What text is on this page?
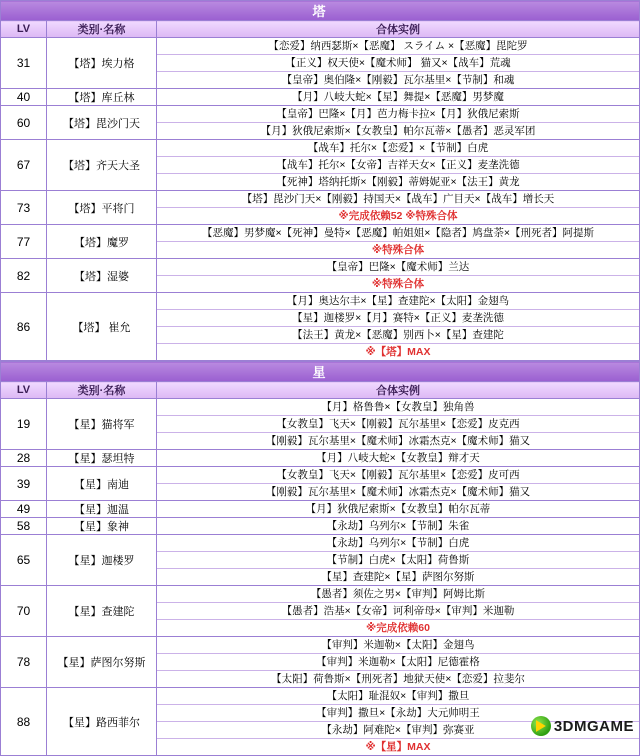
塔		
LV	类别·名称	合体实例
31	【塔】埃力格	【恋爱】纳西瑟斯×【恶魔】 スライム ×【恶魔】毘陀罗
【正义】权天使×【魔术师】 猫又×【战车】荒魂
【皇帝】奥伯隆×【刚毅】瓦尔基里×【节制】和魂

40	【塔】库丘林	【月】八岐大蛇×【星】舞提×【恶魔】男梦魔

60	【塔】毘沙门天	【皇帝】巴隆×【月】芭力梅卡拉×【月】狄俄尼索斯
【月】狄俄尼索斯×【女教皇】帕尔瓦蒂×【愚者】恶灵军团

67	【塔】齐天大圣	【战车】托尔×【恋爱】×【节制】白虎
【战车】托尔×【女帝】吉祥天女×【正义】麦垄洗德
【死神】塔纳托斯×【刚毅】蒂姆妮亚×【法王】黄龙

73	【塔】平将门	【塔】毘沙门天×【刚毅】持国天×【战车】广目天×【战车】增长天
※完成依赖52 ※特殊合体

77	【塔】魔罗	【恶魔】男梦魔×【死神】曼特×【恶魔】帕姐姐×【隐者】鸠盘荼×【刑死者】阿提斯
※特殊合体

82	【塔】湿婆	【皇帝】巴隆×【魔术师】兰达
※特殊合体

86	【塔】 崔允	【月】奥达尔丰×【星】查建陀×【太阳】金翅鸟
【星】迦楼罗×【月】赛特×【正义】麦垄洗德
【法王】黄龙×【恶魔】别西卜×【星】查建陀
※【塔】MAX
星		
LV	类别·名称	合体实例
19	【星】猫将军	【月】格鲁鲁×【女教皇】独角兽
【女教皇】飞天×【刚毅】瓦尔基里×【恋爱】皮克西
【刚毅】瓦尔基里×【魔术师】冰霜杰克×【魔术师】猫又

28	【星】瑟坦特	【月】八岐大蛇×【女教皇】辩才天

39	【星】南迪	【女教皇】飞天×【刚毅】瓦尔基里×【恋爱】皮可西
【刚毅】瓦尔基里×【魔术师】冰霜杰克×【魔术师】猫又

49	【星】迦温	【月】狄俄尼索斯×【女教皇】帕尔瓦蒂

58	【星】象神	【永劫】乌列尔×【节制】朱雀

65	【星】迦楼罗	【永劫】乌列尔×【节制】白虎
【节制】白虎×【太阳】荷鲁斯
【星】查建陀×【星】萨图尔努斯

70	【星】查建陀	【愚者】须佐之男×【审判】阿姆比斯
【愚者】浩基×【女帝】诃利帝母×【审判】米迦勒
※完成依赖60

78	【星】萨图尔努斯	【审判】米迦勒×【太阳】金翅鸟
【审判】米迦勒×【太阳】尼德霍格
【太阳】荷鲁斯×【刑死者】地狱天使×【恋爱】拉斐尔

88	【星】路西菲尔	【太阳】耻混奴×【审判】撒旦
【审判】撒旦×【永劫】大元帅明王
【永劫】阿难陀×【审判】弥赛亚
※【星】MAX
3DMGAME
